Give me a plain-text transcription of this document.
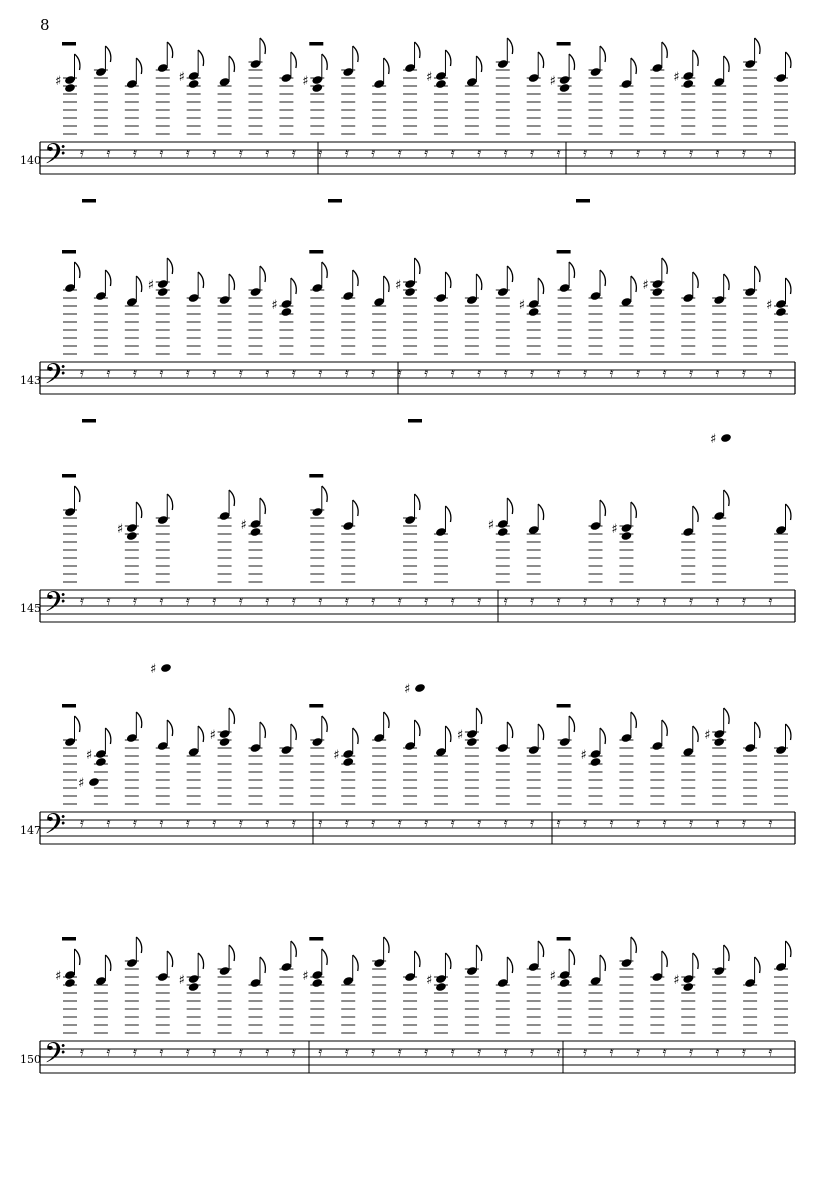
8
140
143
145
147
150
𝄢
♯	♯	♯	♯	♯	♯
𝄿 𝄿 𝄿 𝄿 𝄿 𝄿 𝄿 𝄿 𝄿 𝄿 𝄿 𝄿 𝄿 𝄿 𝄿 𝄿 𝄿 𝄿 𝄿 𝄿 𝄿 𝄿 𝄿 𝄿 𝄿 𝄿 𝄿
𝄢
♯
♯
♯
♯
♯
♯
𝄿 𝄿 𝄿 𝄿 𝄿 𝄿 𝄿 𝄿 𝄿 𝄿 𝄿 𝄿 𝄿 𝄿 𝄿 𝄿 𝄿 𝄿 𝄿 𝄿 𝄿 𝄿 𝄿 𝄿 𝄿 𝄿 𝄿
𝄢
♯	♯	♯	♯
𝄿 𝄿 𝄿 𝄿 𝄿 𝄿 𝄿 𝄿 𝄿 𝄿 𝄿 𝄿 𝄿 𝄿 𝄿 𝄿 𝄿 𝄿 𝄿 𝄿 𝄿 𝄿 𝄿 𝄿 𝄿 𝄿 𝄿
𝄢
♯
♯
♯
♯
♯
♯
𝄿 𝄿 𝄿 𝄿 𝄿 𝄿 𝄿 𝄿 𝄿 𝄿 𝄿 𝄿 𝄿 𝄿 𝄿 𝄿 𝄿 𝄿 𝄿 𝄿 𝄿 𝄿 𝄿 𝄿 𝄿 𝄿 𝄿
𝄢
♯	♯	♯	♯	♯	♯
𝄿 𝄿 𝄿 𝄿 𝄿 𝄿 𝄿 𝄿 𝄿 𝄿 𝄿 𝄿 𝄿 𝄿 𝄿 𝄿 𝄿 𝄿 𝄿 𝄿 𝄿 𝄿 𝄿 𝄿 𝄿 𝄿 𝄿
♯
♯
♯
♯
